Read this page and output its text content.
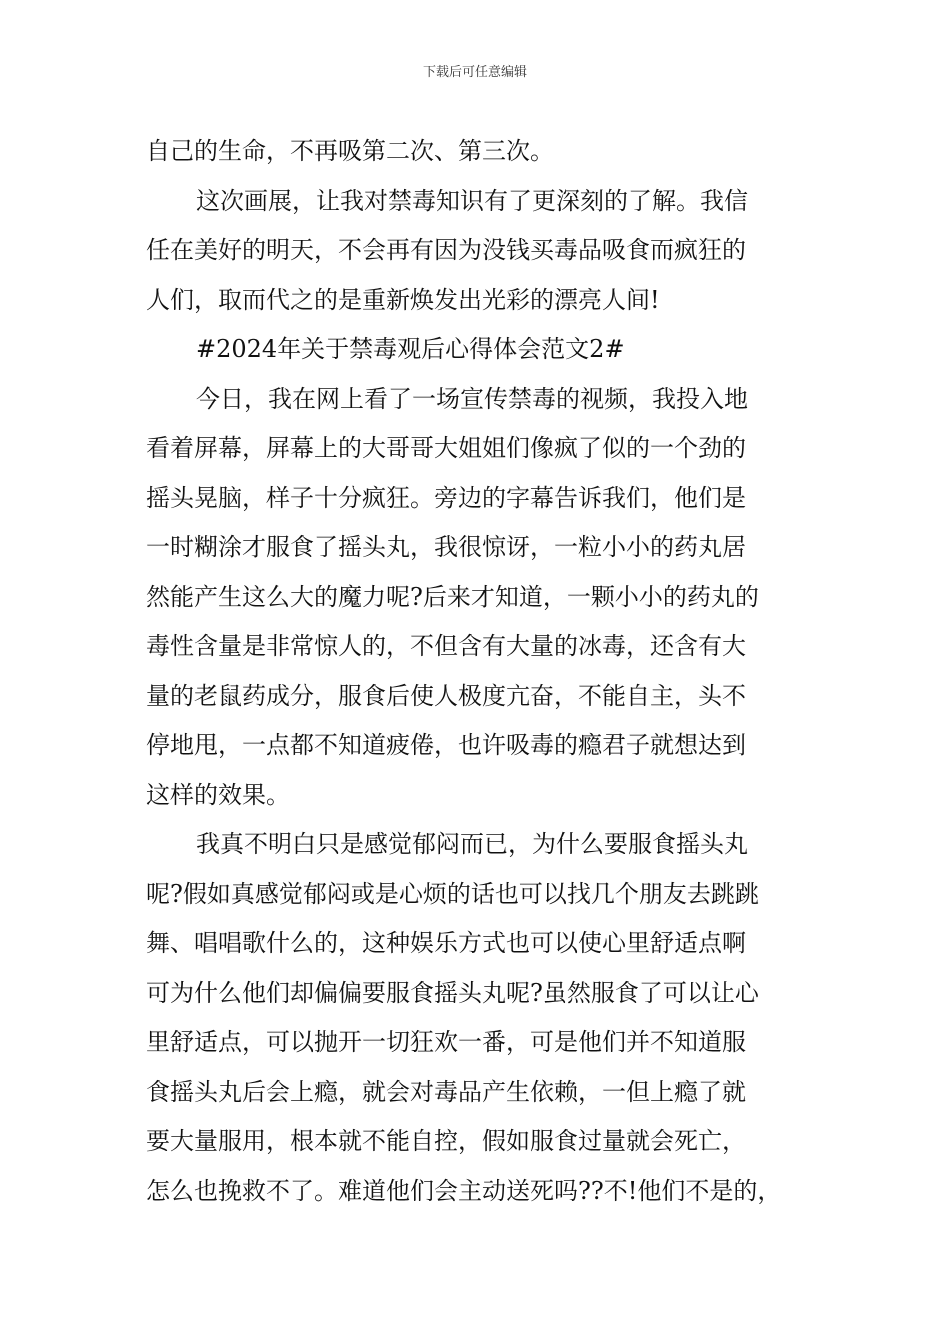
下载后可任意编辑
自己的生命，不再吸第二次、第三次。
这次画展，让我对禁毒知识有了更深刻的了解。我信
任在美好的明天，不会再有因为没钱买毒品吸食而疯狂的
人们，取而代之的是重新焕发出光彩的漂亮人间!
#2024年关于禁毒观后心得体会范文2#
今日，我在网上看了一场宣传禁毒的视频，我投入地
看着屏幕，屏幕上的大哥哥大姐姐们像疯了似的一个劲的
摇头晃脑，样子十分疯狂。旁边的字幕告诉我们，他们是
一时糊涂才服食了摇头丸，我很惊讶，一粒小小的药丸居
然能产生这么大的魔力呢?后来才知道，一颗小小的药丸的
毒性含量是非常惊人的，不但含有大量的冰毒，还含有大
量的老鼠药成分，服食后使人极度亢奋，不能自主，头不
停地甩，一点都不知道疲倦，也许吸毒的瘾君子就想达到
这样的效果。
我真不明白只是感觉郁闷而已，为什么要服食摇头丸
呢?假如真感觉郁闷或是心烦的话也可以找几个朋友去跳跳
舞、唱唱歌什么的，这种娱乐方式也可以使心里舒适点啊
可为什么他们却偏偏要服食摇头丸呢?虽然服食了可以让心
里舒适点，可以抛开一切狂欢一番，可是他们并不知道服
食摇头丸后会上瘾，就会对毒品产生依赖，一但上瘾了就
要大量服用，根本就不能自控，假如服食过量就会死亡，
怎么也挽救不了。难道他们会主动送死吗??不!他们不是的，
